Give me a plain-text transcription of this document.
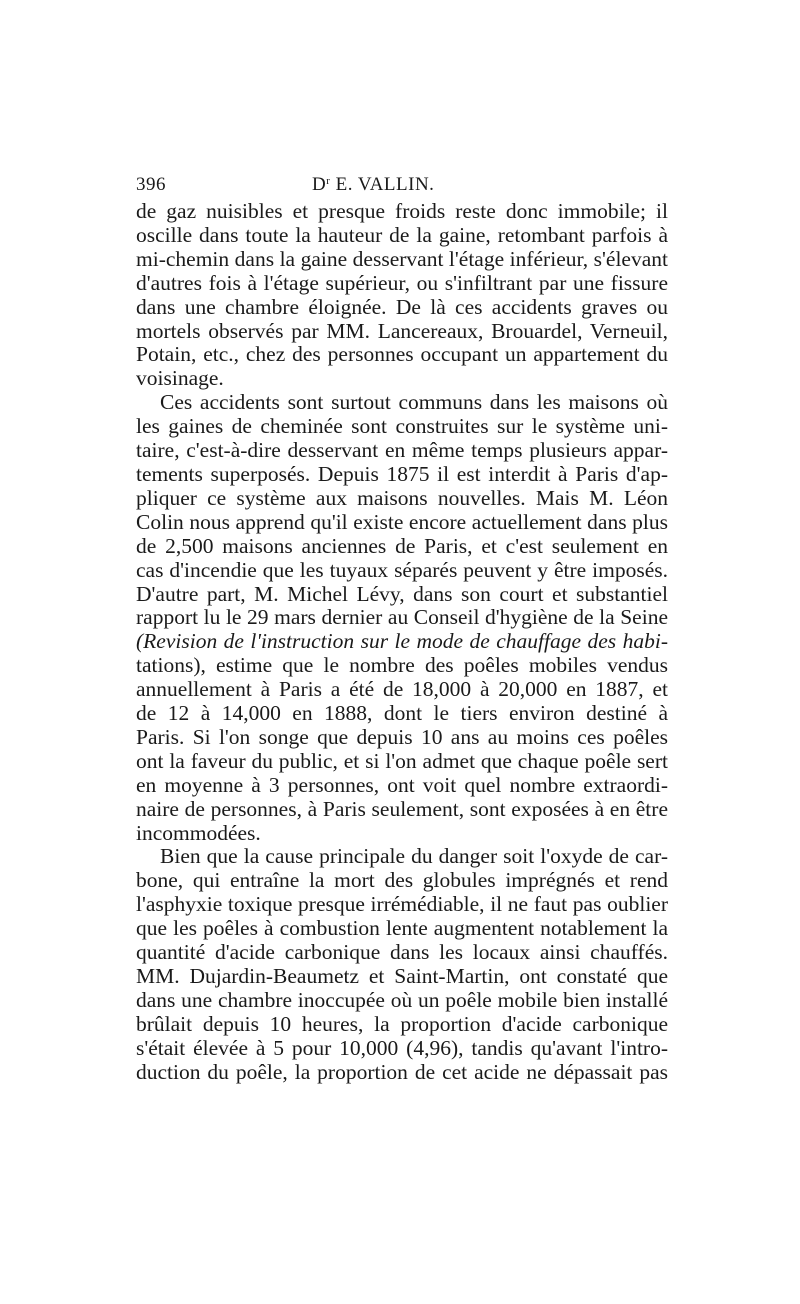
396	$D^r$ E. VALLIN.
de gaz nuisibles et presque froids reste donc immobile; il
oscille dans toute la hauteur de la gaine, retombant parfois à
mi-chemin dans la gaine desservant l'étage inférieur, s'élevant
d'autres fois à l'étage supérieur, ou s'infiltrant par une fissure
dans une chambre éloignée. De là ces accidents graves ou
mortels observés par MM. Lancereaux, Brouardel, Verneuil,
Potain, etc., chez des personnes occupant un appartement du
voisinage.
Ces accidents sont surtout communs dans les maisons où
les gaines de cheminée sont construites sur le système uni-
taire, c'est-à-dire desservant en même temps plusieurs appar-
tements superposés. Depuis 1875 il est interdit à Paris d'ap-
pliquer ce système aux maisons nouvelles. Mais M. Léon
Colin nous apprend qu'il existe encore actuellement dans plus
de 2,500 maisons anciennes de Paris, et c'est seulement en
cas d'incendie que les tuyaux séparés peuvent y être imposés.
D'autre part, M. Michel Lévy, dans son court et substantiel
rapport lu le 29 mars dernier au Conseil d'hygiène de la Seine
(Revision de l'instruction sur le mode de chauffage des habi-
tations), estime que le nombre des poêles mobiles vendus
annuellement à Paris a été de 18,000 à 20,000 en 1887, et
de 12 à 14,000 en 1888, dont le tiers environ destiné à
Paris. Si l'on songe que depuis 10 ans au moins ces poêles
ont la faveur du public, et si l'on admet que chaque poêle sert
en moyenne à 3 personnes, ont voit quel nombre extraordi-
naire de personnes, à Paris seulement, sont exposées à en être
incommodées.
Bien que la cause principale du danger soit l'oxyde de car-
bone, qui entraîne la mort des globules imprégnés et rend
l'asphyxie toxique presque irrémédiable, il ne faut pas oublier
que les poêles à combustion lente augmentent notablement la
quantité d'acide carbonique dans les locaux ainsi chauffés.
MM. Dujardin-Beaumetz et Saint-Martin, ont constaté que
dans une chambre inoccupée où un poêle mobile bien installé
brûlait depuis 10 heures, la proportion d'acide carbonique
s'était élevée à 5 pour 10,000 (4,96), tandis qu'avant l'intro-
duction du poêle, la proportion de cet acide ne dépassait pas
